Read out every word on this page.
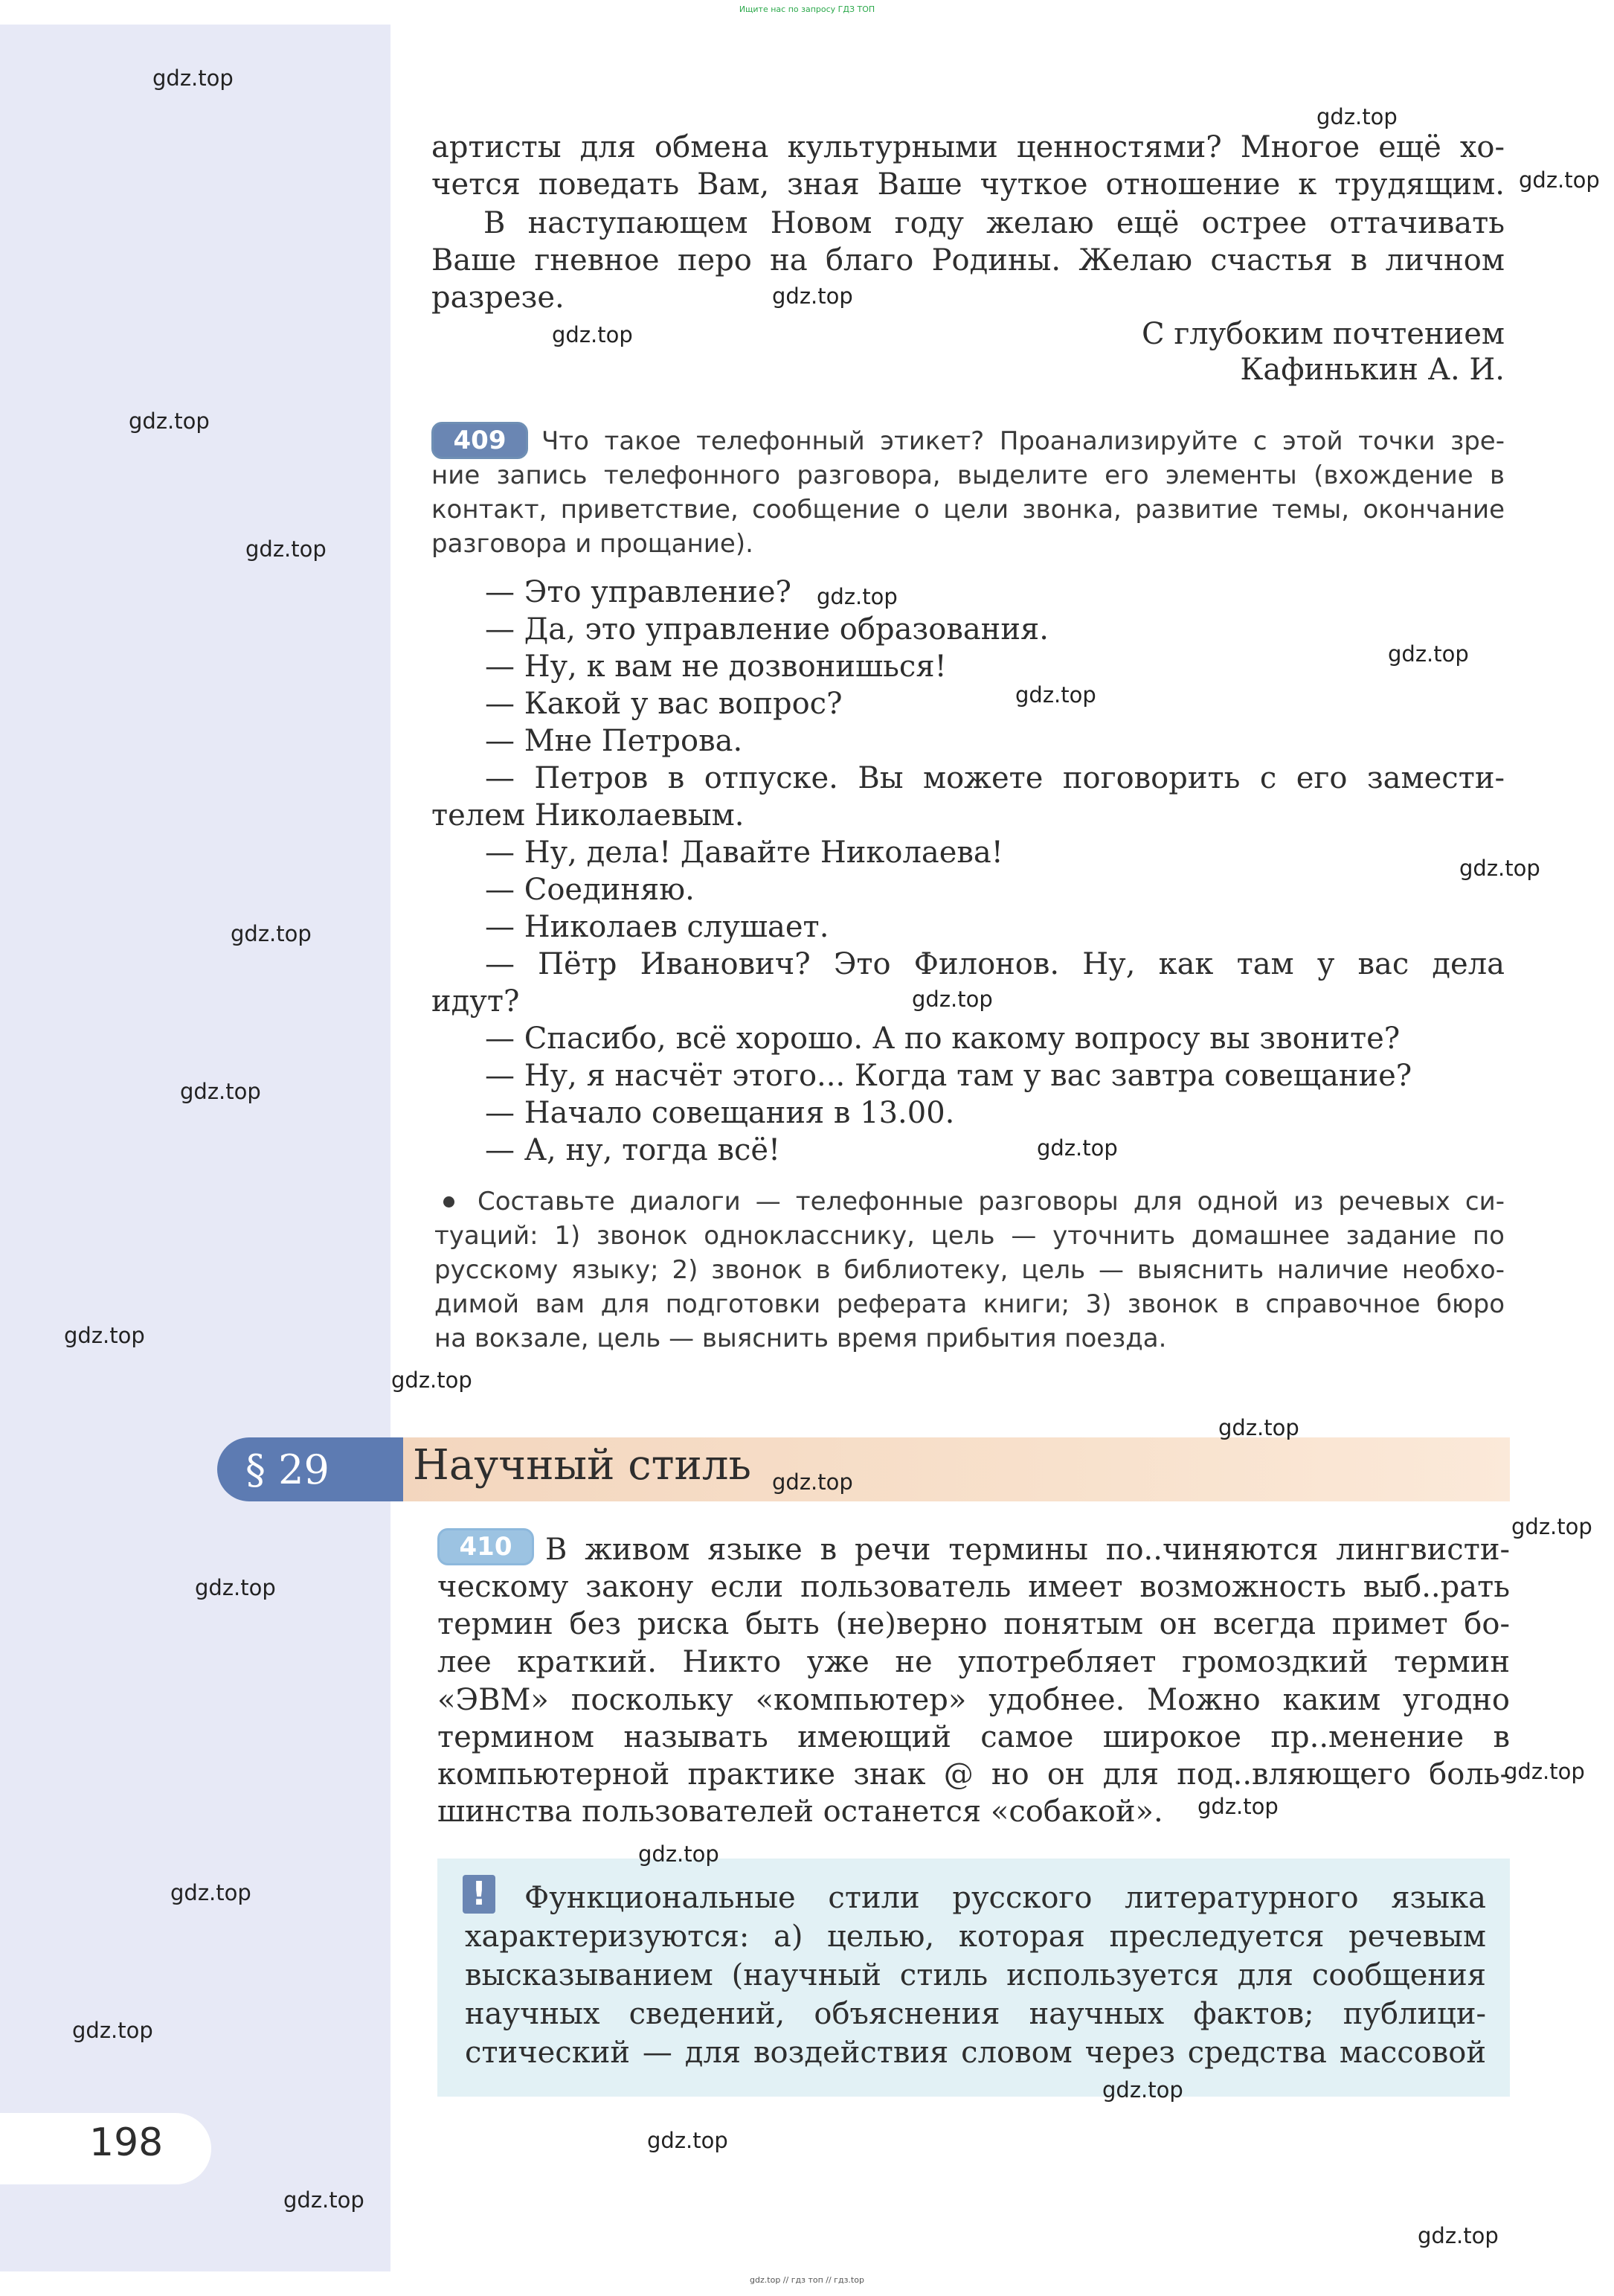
Ищите нас по запросу ГДЗ ТОП
артисты для обмена культурными ценностями? Многое ещё хо-
чется поведать Вам, зная Ваше чуткое отношение к трудящим.
В наступающем Новом году желаю ещё острее оттачивать
Ваше гневное перо на благо Родины. Желаю счастья в личном
разрезе.
С глубоким почтением
Кафинькин А. И.
409	Что такое телефонный этикет? Проанализируйте с этой точки зре-
ние запись телефонного разговора, выделите его элементы (вхождение в
контакт, приветствие, сообщение о цели звонка, развитие темы, окончание
разговора и прощание).
— Это управление?
— Да, это управление образования.
— Ну, к вам не дозвонишься!
— Какой у вас вопрос?
— Мне Петрова.
— Петров в отпуске. Вы можете поговорить с его замести-
телем Николаевым.
— Ну, дела! Давайте Николаева!
— Соединяю.
— Николаев слушает.
— Пётр Иванович? Это Филонов. Ну, как там у вас дела
идут?
— Спасибо, всё хорошо. А по какому вопросу вы звоните?
— Ну, я насчёт этого... Когда там у вас завтра совещание?
— Начало совещания в 13.00.
— А, ну, тогда всё!
Составьте диалоги — телефонные разговоры для одной из речевых си-
туаций: 1) звонок однокласснику, цель — уточнить домашнее задание по
русскому языку; 2) звонок в библиотеку, цель — выяснить наличие необхо-
димой вам для подготовки реферата книги; 3) звонок в справочное бюро
на вокзале, цель — выяснить время прибытия поезда.
§ 29 Научный стиль
410	В живом языке в речи термины по..чиняются лингвисти-
ческому закону если пользователь имеет возможность выб..рать
термин без риска быть (не)верно понятым он всегда примет бо-
лее краткий. Никто уже не употребляет громоздкий термин
«ЭВМ» поскольку «компьютер» удобнее. Можно каким угодно
термином называть имеющий самое широкое пр..менение в
компьютерной практике знак @ но он для под..вляющего боль-
шинства пользователей останется «собакой».
! Функциональные стили русского литературного языка
характеризуются: а) целью, которая преследуется речевым
высказыванием (научный стиль используется для сообщения
научных сведений, объяснения научных фактов; публици-
стический — для воздействия словом через средства массовой
198
gdz.top
gdz.top
gdz.top
gdz.top
gdz.top
gdz.top
gdz.top
gdz.top
gdz.top
gdz.top
gdz.top
gdz.top
gdz.top
gdz.top
gdz.top
gdz.top
gdz.top
gdz.top
gdz.top
gdz.top
gdz.top
gdz.top
gdz.top
gdz.top
gdz.top
gdz.top
gdz.top
gdz.top
gdz.top
gdz.top
gdz.top // гдз топ // гдз.top
